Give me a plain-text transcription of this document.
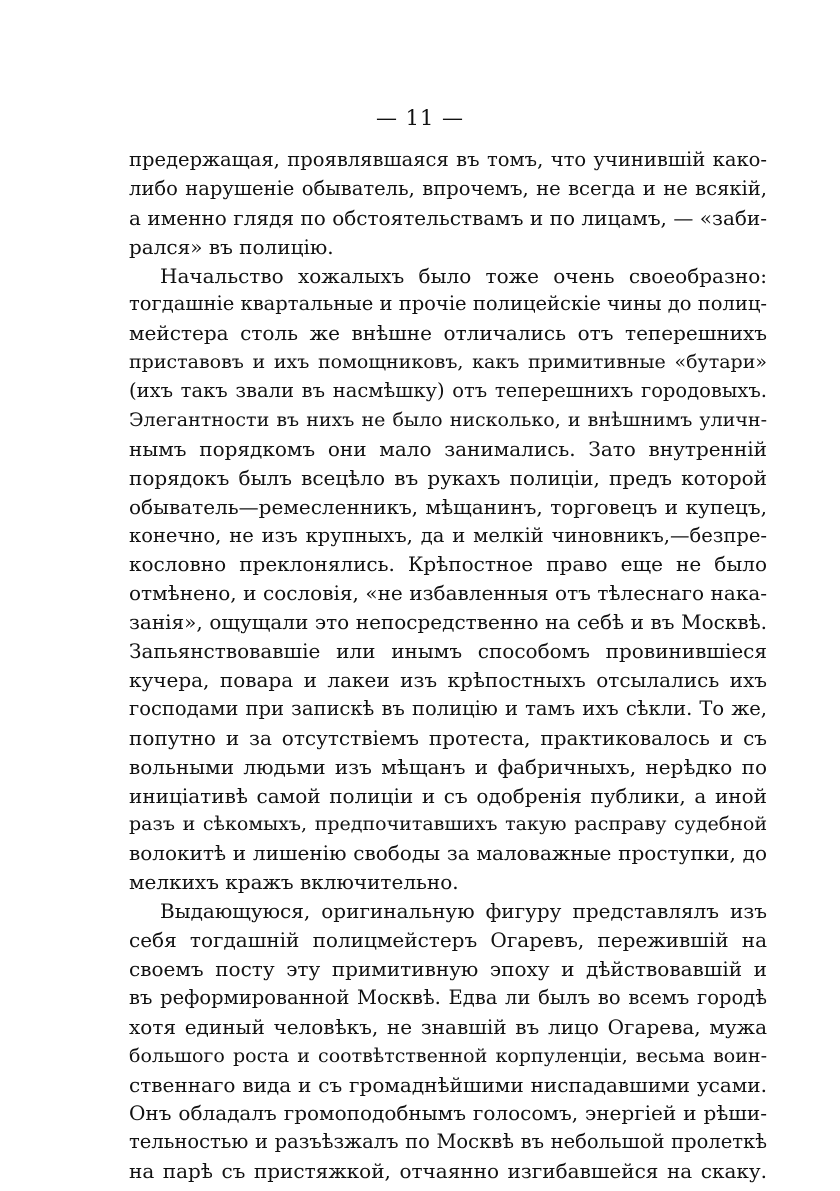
— 11 —
предержащая, проявлявшаяся въ томъ, что учинившій како-
либо нарушеніе обыватель, впрочемъ, не всегда и не всякій,
а именно глядя по обстоятельствамъ и по лицамъ, — «заби-
рался» въ полицію.
Начальство хожалыхъ было тоже очень своеобразно:
тогдашніе квартальные и прочіе полицейскіе чины до полиц-
мейстера столь же внѣшне отличались отъ теперешнихъ
приставовъ и ихъ помощниковъ, какъ примитивные «бутари»
(ихъ такъ звали въ насмѣшку) отъ теперешнихъ городовыхъ.
Элегантности въ нихъ не было нисколько, и внѣшнимъ уличн-
нымъ порядкомъ они мало занимались. Зато внутренній
порядокъ былъ всецѣло въ рукахъ полиціи, предъ которой
обыватель—ремесленникъ, мѣщанинъ, торговецъ и купецъ,
конечно, не изъ крупныхъ, да и мелкій чиновникъ,—безпре-
кословно преклонялись. Крѣпостное право еще не было
отмѣнено, и сословія, «не избавленныя отъ тѣлеснаго нака-
занія», ощущали это непосредственно на себѣ и въ Москвѣ.
Запьянствовавшіе или инымъ способомъ провинившіеся
кучера, повара и лакеи изъ крѣпостныхъ отсылались ихъ
господами при запискѣ въ полицію и тамъ ихъ сѣкли. То же,
попутно и за отсутствіемъ протеста, практиковалось и съ
вольными людьми изъ мѣщанъ и фабричныхъ, нерѣдко по
иниціативѣ самой полиціи и съ одобренія публики, а иной
разъ и сѣкомыхъ, предпочитавшихъ такую расправу судебной
волокитѣ и лишенію свободы за маловажные проступки, до
мелкихъ кражъ включительно.
Выдающуюся, оригинальную фигуру представлялъ изъ
себя тогдашній полицмейстеръ Огаревъ, пережившій на
своемъ посту эту примитивную эпоху и дѣйствовавшій и
въ реформированной Москвѣ. Едва ли былъ во всемъ городѣ
хотя единый человѣкъ, не знавшій въ лицо Огарева, мужа
большого роста и соотвѣтственной корпуленціи, весьма воин-
ственнаго вида и съ громаднѣйшими ниспадавшими усами.
Онъ обладалъ громоподобнымъ голосомъ, энергіей и рѣши-
тельностью и разъѣзжалъ по Москвѣ въ небольшой пролеткѣ
на парѣ съ пристяжкой, отчаянно изгибавшейся на скаку.
